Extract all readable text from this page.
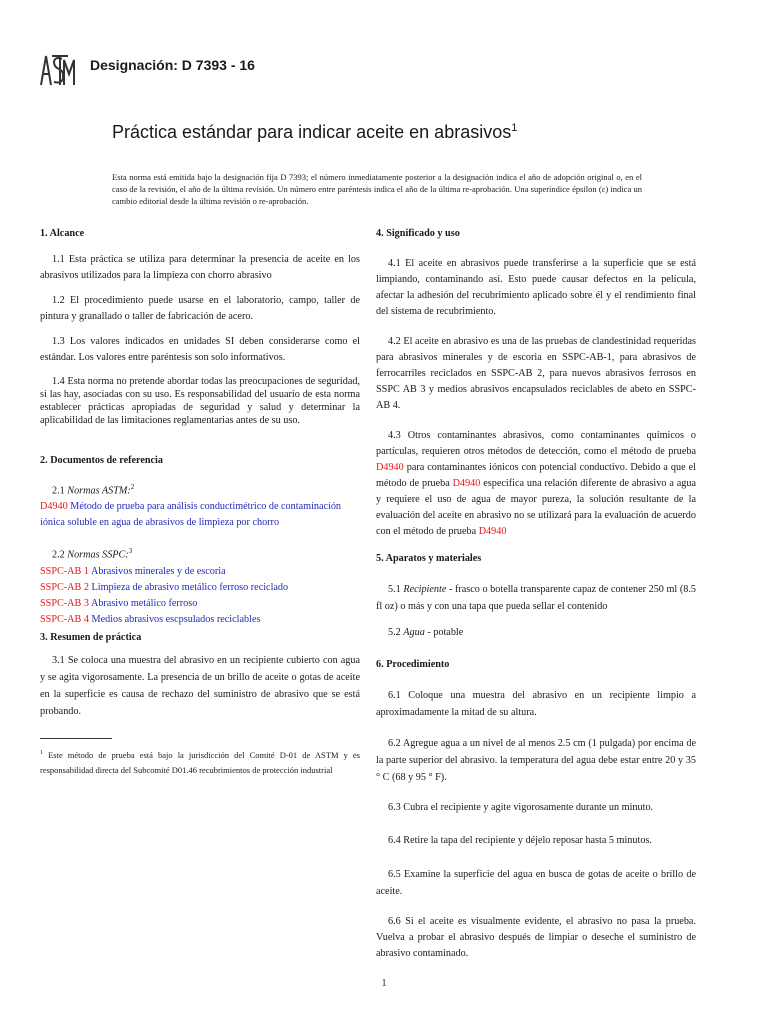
Designación: D 7393 - 16
Práctica estándar para indicar aceite en abrasivos$^1$
Esta norma está emitida bajo la designación fija D 7393; el número inmediatamente posterior a la designación indica el año de adopción original o, en el caso de la revisión, el año de la última revisión. Un número entre paréntesis indica el año de la última re-aprobación. Una superíndice épsilon (ε) indica un cambio editorial desde la última revisión o re-aprobación.
1. Alcance

1.1 Esta práctica se utiliza para determinar la presencia de aceite en los abrasivos utilizados para la limpieza con chorro abrasivo

1.2 El procedimiento puede usarse en el laboratorio, campo, taller de pintura y granallado o taller de fabricación de acero.

1.3 Los valores indicados en unidades SI deben considerarse como el estándar. Los valores entre paréntesis son solo informativos.

1.4 Esta norma no pretende abordar todas las preocupaciones de seguridad, si las hay, asociadas con su uso. Es responsabilidad del usuario de esta norma establecer prácticas apropiadas de seguridad y salud y determinar la aplicabilidad de las limitaciones reglamentarias antes de su uso.

2. Documentos de referencia

2.1 Normas ASTM:$^2$

D4940 Método de prueba para análisis conductimétrico de contaminación iónica soluble en agua de abrasivos de limpieza por chorro

2.2 Normas SSPC:$^3$

SSPC-AB 1 Abrasivos minerales y de escoria

SSPC-AB 2 Limpieza de abrasivo metálico ferroso reciclado

SSPC-AB 3 Abrasivo metálico ferroso

SSPC-AB 4 Medios abrasivos escpsulados reciclables

3. Resumen de práctica

3.1 Se coloca una muestra del abrasivo en un recipiente cubierto con agua y se agita vigorosamente. La presencia de un brillo de aceite o gotas de aceite en la superficie es causa de rechazo del suministro de abrasivo que se está probando.

$^1$ Este método de prueba está bajo la jurisdicción del Comité D-01 de ASTM y es responsabilidad directa del Subcomité D01.46 recubrimientos de protección industrial
4. Significado y uso

4.1 El aceite en abrasivos puede transferirse a la superficie que se está limpiando, contaminando así. Esto puede causar defectos en la película, afectar la adhesión del recubrimiento aplicado sobre él y el rendimiento final del sistema de recubrimiento.

4.2 El aceite en abrasivo es una de las pruebas de clandestinidad requeridas para abrasivos minerales y de escoria en SSPC-AB-1, para abrasivos de ferrocarriles reciclados en SSPC-AB 2, para nuevos abrasivos ferrosos en SSPC AB 3 y medios abrasivos encapsulados reciclables de abeto en SSPC- AB 4.

4.3 Otros contaminantes abrasivos, como contaminantes químicos o partículas, requieren otros métodos de detección, como el método de prueba D4940 para contaminantes iónicos con potencial conductivo. Debido a que el método de prueba D4940 especifica una relación diferente de abrasivo a agua y requiere el uso de agua de mayor pureza, la solución resultante de la evaluación del aceite en abrasivo no se utilizará para la evaluación de acuerdo con el método de prueba D4940

5. Aparatos y materiales

5.1 Recipiente - frasco o botella transparente capaz de contener 250 ml (8.5 fl oz) o más y con una tapa que pueda sellar el contenido

5.2 Agua - potable

6. Procedimiento

6.1 Coloque una muestra del abrasivo en un recipiente limpio a aproximadamente la mitad de su altura.

6.2 Agregue agua a un nivel de al menos 2.5 cm (1 pulgada) por encima de la parte superior del abrasivo. la temperatura del agua debe estar entre 20 y 35 ° C (68 y 95 ° F).

6.3 Cubra el recipiente y agite vigorosamente durante un minuto.

6.4 Retire la tapa del recipiente y déjelo reposar hasta 5 minutos.

6.5 Examine la superficie del agua en busca de gotas de aceite o brillo de aceite.

6.6 Si el aceite es visualmente evidente, el abrasivo no pasa la prueba. Vuelva a probar el abrasivo después de limpiar o deseche el suministro de abrasivo contaminado.

1
